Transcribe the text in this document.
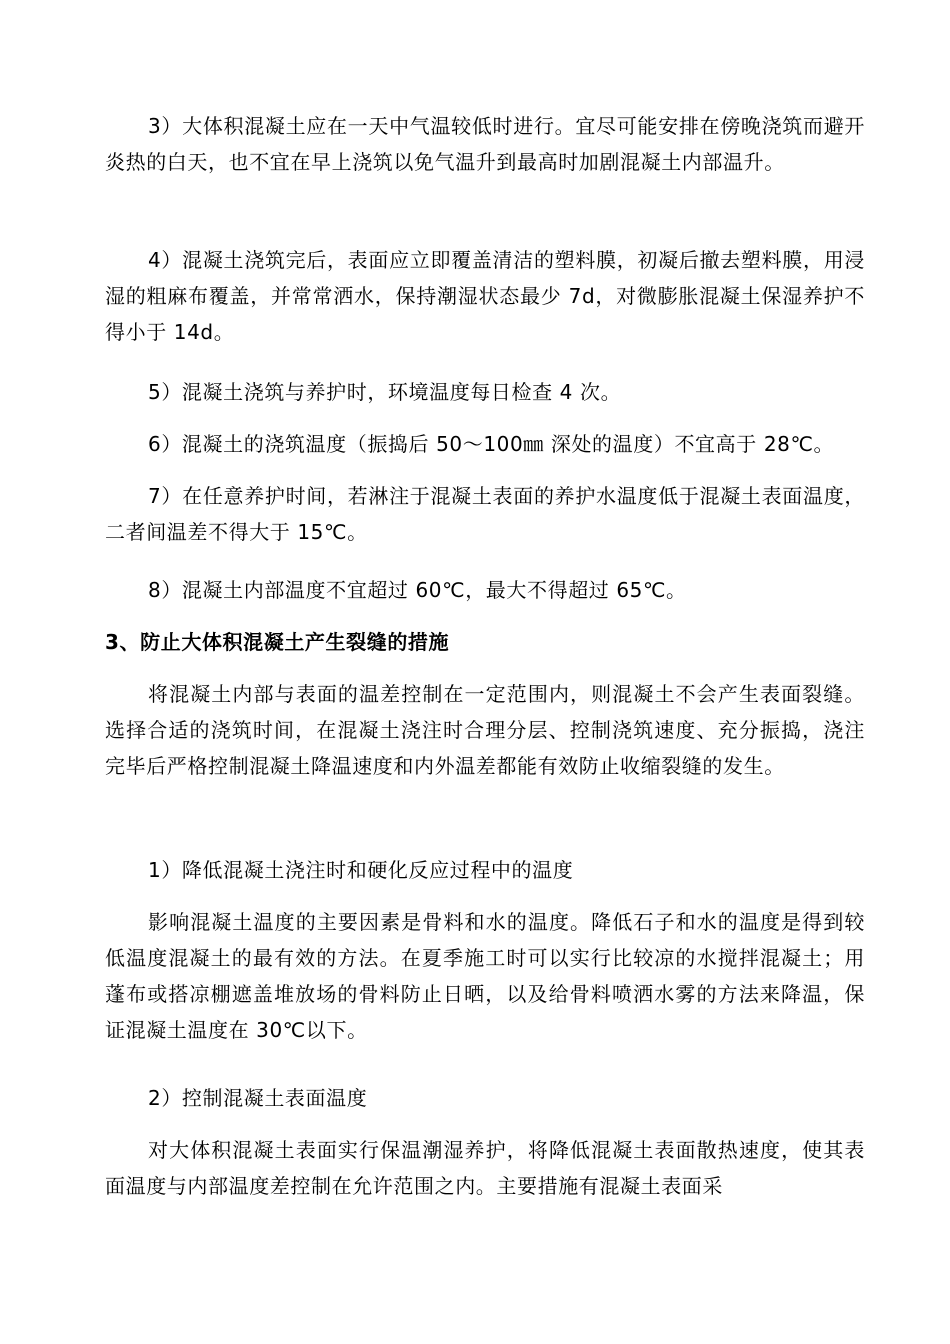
3）大体积混凝土应在一天中气温较低时进行。宜尽可能安排在傍晚浇筑而避开炎热的白天，也不宜在早上浇筑以免气温升到最高时加剧混凝土内部温升。

4）混凝土浇筑完后，表面应立即覆盖清洁的塑料膜，初凝后撤去塑料膜，用浸湿的粗麻布覆盖，并常常洒水，保持潮湿状态最少 7d，对微膨胀混凝土保湿养护不得小于 14d。

5）混凝土浇筑与养护时，环境温度每日检查 4 次。

6）混凝土的浇筑温度（振捣后 50～100㎜ 深处的温度）不宜高于 28℃。

7）在任意养护时间，若淋注于混凝土表面的养护水温度低于混凝土表面温度，二者间温差不得大于 15℃。

8）混凝土内部温度不宜超过 60℃，最大不得超过 65℃。

3、防止大体积混凝土产生裂缝的措施

将混凝土内部与表面的温差控制在一定范围内，则混凝土不会产生表面裂缝。选择合适的浇筑时间，在混凝土浇注时合理分层、控制浇筑速度、充分振捣，浇注完毕后严格控制混凝土降温速度和内外温差都能有效防止收缩裂缝的发生。

1）降低混凝土浇注时和硬化反应过程中的温度

影响混凝土温度的主要因素是骨料和水的温度。降低石子和水的温度是得到较低温度混凝土的最有效的方法。在夏季施工时可以实行比较凉的水搅拌混凝土；用蓬布或搭凉棚遮盖堆放场的骨料防止日晒，以及给骨料喷洒水雾的方法来降温，保证混凝土温度在 30℃以下。

2）控制混凝土表面温度

对大体积混凝土表面实行保温潮湿养护，将降低混凝土表面散热速度，使其表面温度与内部温度差控制在允许范围之内。主要措施有混凝土表面采
